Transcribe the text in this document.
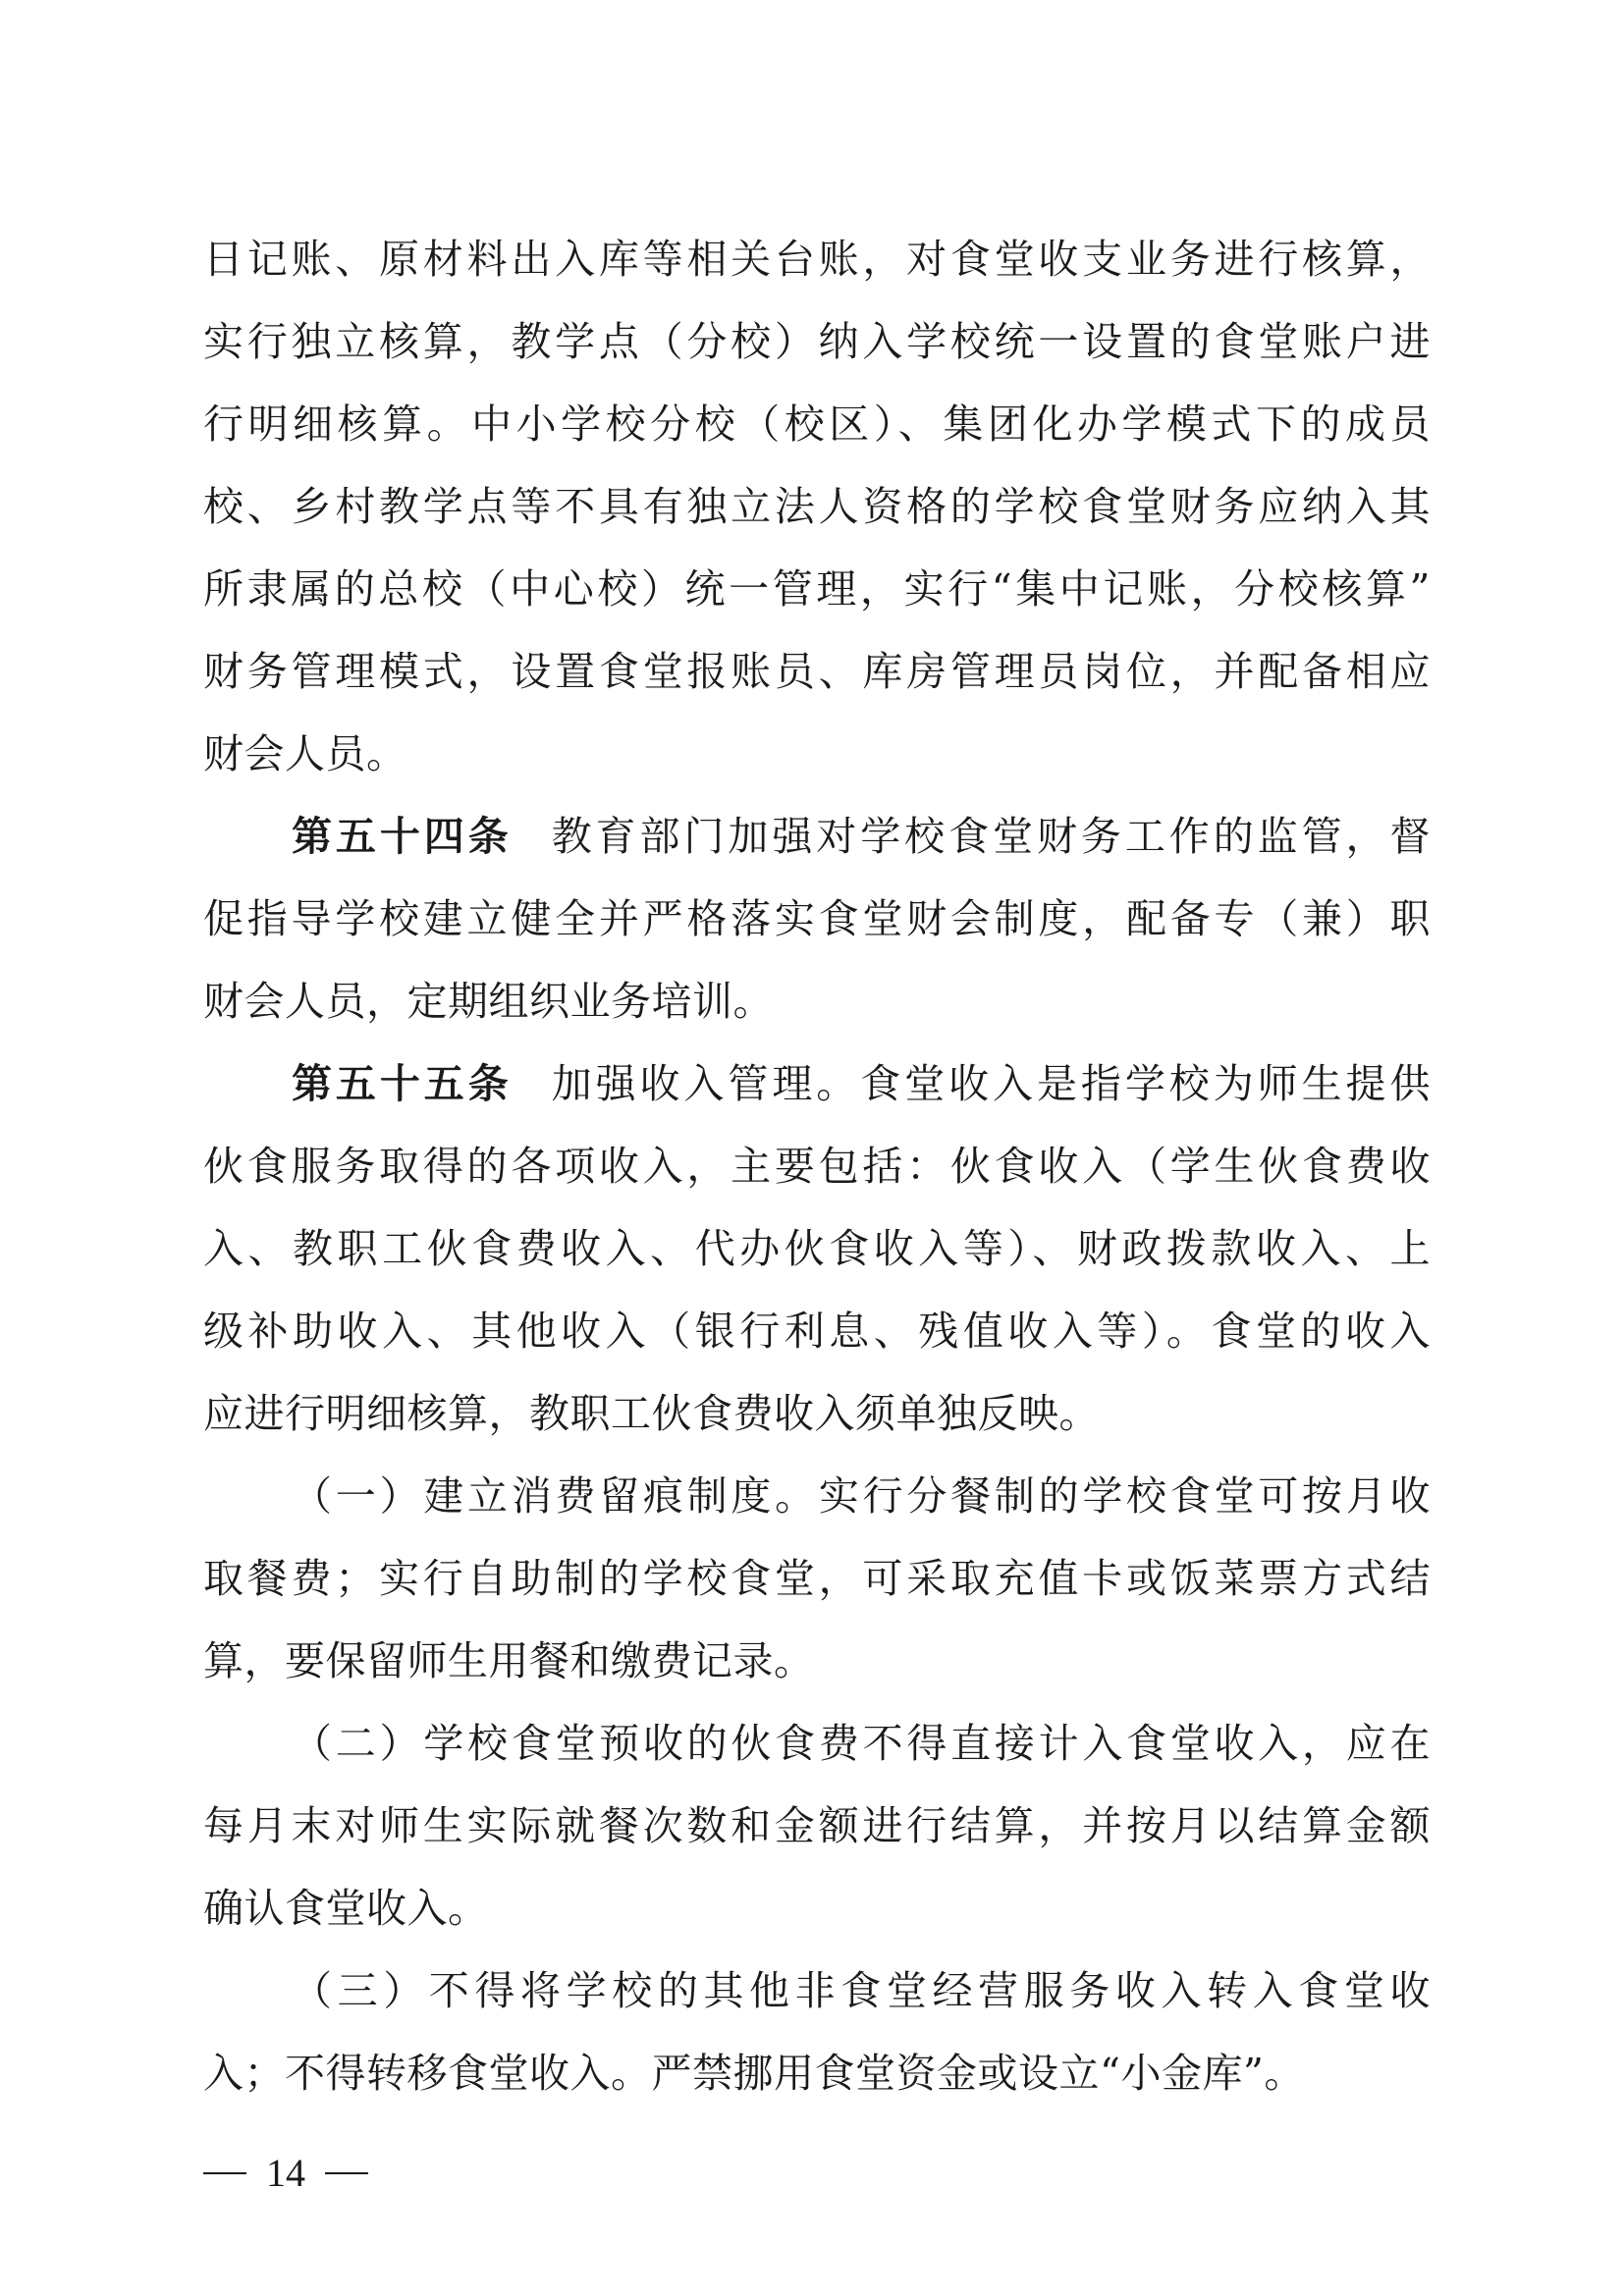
日记账、原材料出入库等相关台账，对食堂收支业务进行核算，
实行独立核算，教学点（分校）纳入学校统一设置的食堂账户进
行明细核算。中小学校分校（校区）、集团化办学模式下的成员
校、乡村教学点等不具有独立法人资格的学校食堂财务应纳入其
所隶属的总校（中心校）统一管理，实行“集中记账，分校核算”
财务管理模式，设置食堂报账员、库房管理员岗位，并配备相应
财会人员。
第五十四条 教育部门加强对学校食堂财务工作的监管，督
促指导学校建立健全并严格落实食堂财会制度，配备专（兼）职
财会人员，定期组织业务培训。
第五十五条 加强收入管理。食堂收入是指学校为师生提供
伙食服务取得的各项收入，主要包括：伙食收入（学生伙食费收
入、教职工伙食费收入、代办伙食收入等）、财政拨款收入、上
级补助收入、其他收入（银行利息、残值收入等）。食堂的收入
应进行明细核算，教职工伙食费收入须单独反映。
（一）建立消费留痕制度。实行分餐制的学校食堂可按月收
取餐费；实行自助制的学校食堂，可采取充值卡或饭菜票方式结
算，要保留师生用餐和缴费记录。
（二）学校食堂预收的伙食费不得直接计入食堂收入，应在
每月末对师生实际就餐次数和金额进行结算，并按月以结算金额
确认食堂收入。
（三）不得将学校的其他非食堂经营服务收入转入食堂收
入；不得转移食堂收入。严禁挪用食堂资金或设立“小金库”。
14
